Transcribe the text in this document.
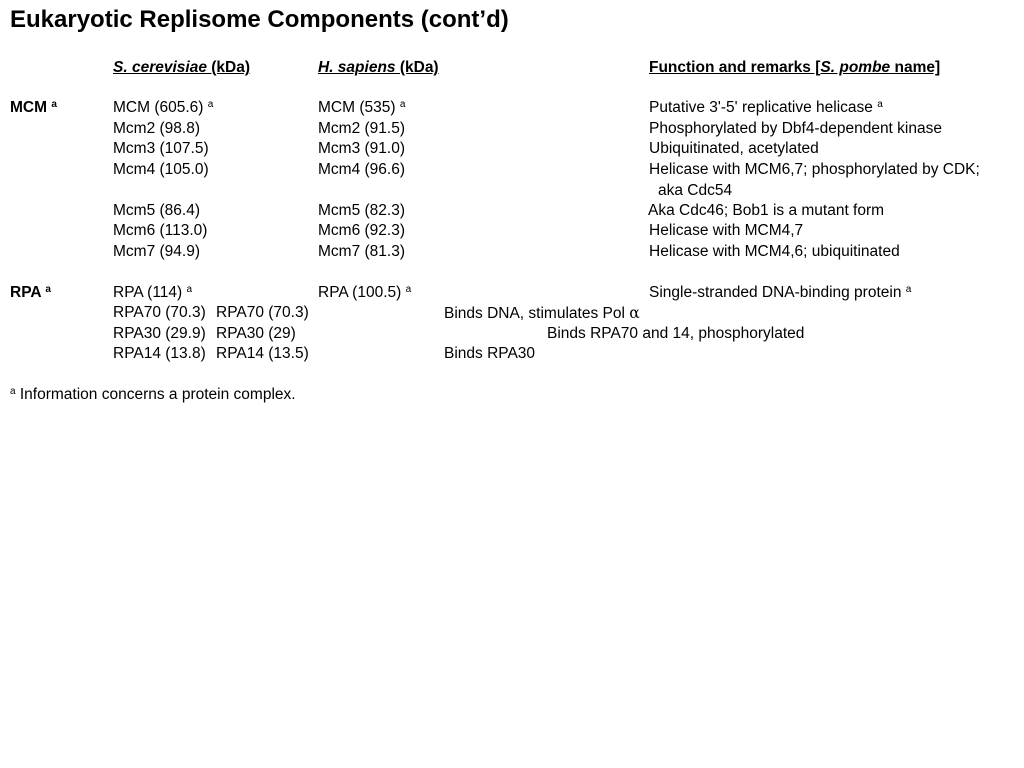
Eukaryotic Replisome Components (cont’d)
S. cerevisiae (kDa)	H. sapiens (kDa)	Function and remarks [S. pombe name]
MCM $^a$	MCM (605.6) $^a$	MCM (535) $^a$	Putative 3'-5' replicative helicase $^a$
Mcm2 (98.8)	Mcm2 (91.5)	Phosphorylated by Dbf4-dependent kinase
Mcm3 (107.5)	Mcm3 (91.0)	Ubiquitinated, acetylated
Mcm4 (105.0)	Mcm4 (96.6)	Helicase with MCM6,7; phosphorylated by CDK;
aka Cdc54
Mcm5 (86.4)	Mcm5 (82.3)	Aka Cdc46; Bob1 is a mutant form
Mcm6 (113.0)	Mcm6 (92.3)	Helicase with MCM4,7
Mcm7 (94.9)	Mcm7 (81.3)	Helicase with MCM4,6; ubiquitinated
RPA $^a$	RPA (114) $^a$	RPA (100.5) $^a$	Single-stranded DNA-binding protein $^a$
RPA70 (70.3) RPA70 (70.3)	Binds DNA, stimulates Pol α
RPA30 (29.9) RPA30 (29)	Binds RPA70 and 14, phosphorylated
RPA14 (13.8) RPA14 (13.5)	Binds RPA30
$^a$ Information concerns a protein complex.
